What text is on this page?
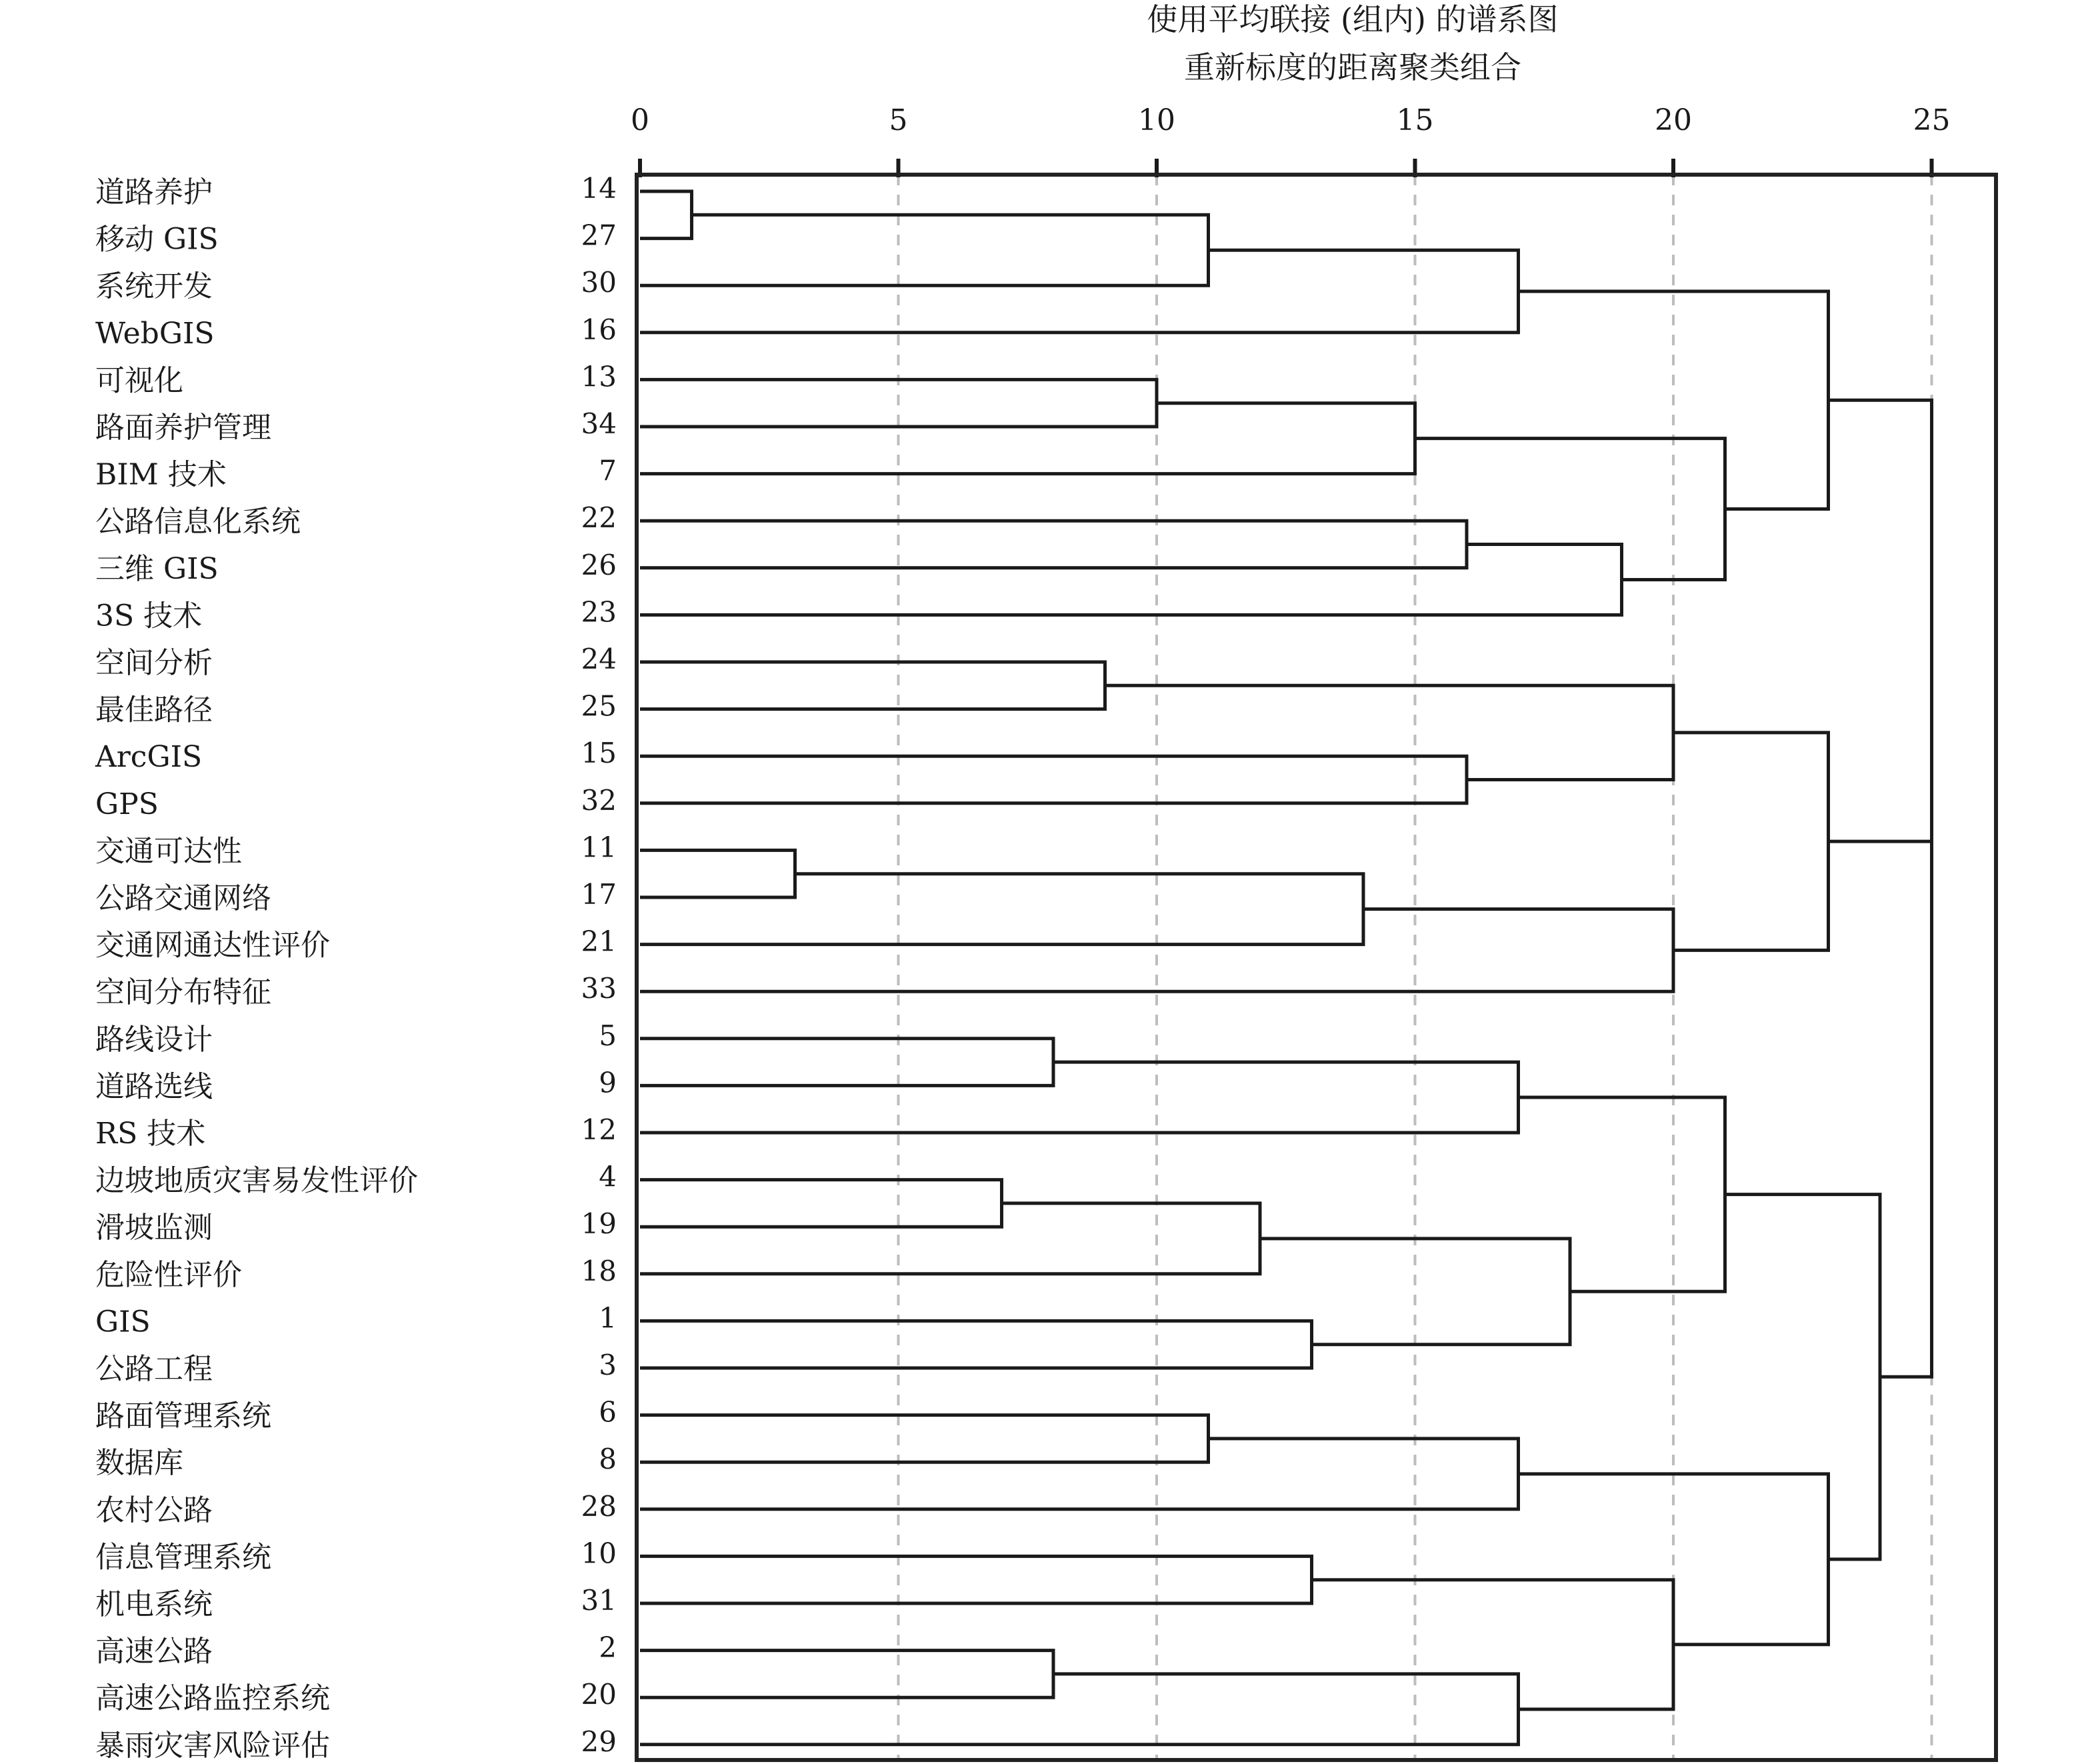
使用平均联接 (组内) 的谱系图
重新标度的距离聚类组合
0	5	10	15	20	25
道路养护	14
移动 GIS	27
系统开发	30
WebGIS	16
可视化	13
路面养护管理	34
BIM 技术	7
公路信息化系统	22
三维 GIS	26
3S 技术	23
空间分析	24
最佳路径	25
ArcGIS	15
GPS	32
交通可达性	11
公路交通网络	17
交通网通达性评价	21
空间分布特征	33
路线设计	5
道路选线	9
RS 技术	12
边坡地质灾害易发性评价	4
滑坡监测	19
危险性评价	18
GIS	1
公路工程	3
路面管理系统	6
数据库	8
农村公路	28
信息管理系统	10
机电系统	31
高速公路	2
高速公路监控系统	20
暴雨灾害风险评估	29
